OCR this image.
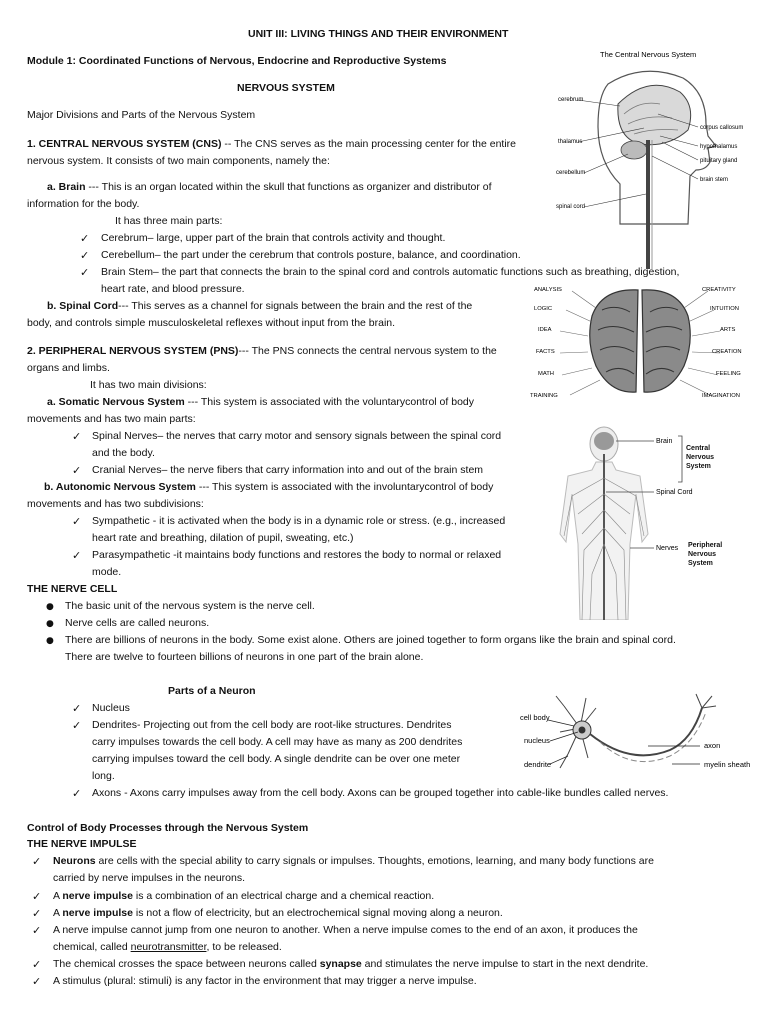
UNIT III: LIVING THINGS AND THEIR ENVIRONMENT
Module 1: Coordinated Functions of Nervous, Endocrine and Reproductive Systems
NERVOUS SYSTEM
Major Divisions and Parts of the Nervous System
1. CENTRAL NERVOUS SYSTEM (CNS) -- The CNS serves as the main processing center for the entire
nervous system. It consists of two main components, namely the:
a. Brain --- This is an organ located within the skull that functions as organizer and distributor of
information for the body.
It has three main parts:
✓ Cerebrum– large, upper part of the brain that controls activity and thought.
✓ Cerebellum– the part under the cerebrum that controls posture, balance, and coordination.
✓ Brain Stem– the part that connects the brain to the spinal cord and controls automatic functions such as breathing, digestion,
heart rate, and blood pressure.
b. Spinal Cord--- This serves as a channel for signals between the brain and the rest of the
body, and controls simple musculoskeletal reflexes without input from the brain.
2. PERIPHERAL NERVOUS SYSTEM (PNS)--- The PNS connects the central nervous system to the
organs and limbs.
It has two main divisions:
a. Somatic Nervous System --- This system is associated with the voluntarycontrol of body
movements and has two main parts:
✓ Spinal Nerves– the nerves that carry motor and sensory signals between the spinal cord
and the body.
✓ Cranial Nerves– the nerve fibers that carry information into and out of the brain stem
b. Autonomic Nervous System --- This system is associated with the involuntarycontrol of body
movements and has two subdivisions:
✓ Sympathetic - it is activated when the body is in a dynamic role or stress. (e.g., increased
heart rate and breathing, dilation of pupil, sweating, etc.)
✓ Parasympathetic -it maintains body functions and restores the body to normal or relaxed
mode.
THE NERVE CELL
● The basic unit of the nervous system is the nerve cell.
● Nerve cells are called neurons.
● There are billions of neurons in the body. Some exist alone. Others are joined together to form organs like the brain and spinal cord.
There are twelve to fourteen billions of neurons in one part of the brain alone.
Parts of a Neuron
✓ Nucleus
✓ Dendrites- Projecting out from the cell body are root-like structures. Dendrites
carry impulses towards the cell body. A cell may have as many as 200 dendrites
carrying impulses toward the cell body. A single dendrite can be over one meter
long.
✓ Axons - Axons carry impulses away from the cell body. Axons can be grouped together into cable-like bundles called nerves.
Control of Body Processes through the Nervous System
THE NERVE IMPULSE
✓ Neurons are cells with the special ability to carry signals or impulses. Thoughts, emotions, learning, and many body functions are
carried by nerve impulses in the neurons.
✓ A nerve impulse is a combination of an electrical charge and a chemical reaction.
✓ A nerve impulse is not a flow of electricity, but an electrochemical signal moving along a neuron.
✓ A nerve impulse cannot jump from one neuron to another. When a nerve impulse comes to the end of an axon, it produces the
chemical, called neurotransmitter, to be released.
✓ The chemical crosses the space between neurons called synapse and stimulates the nerve impulse to start in the next dendrite.
✓ A stimulus (plural: stimuli) is any factor in the environment that may trigger a nerve impulse.
The Central Nervous System
cerebrum
thalamus
cerebellum
spinal cord
corpus callosum
hypothalamus
pituitary gland
brain stem
ANALYSIS
LOGIC
IDEA
FACTS
MATH
TRAINING
CREATIVITY
INTUITION
ARTS
CREATION
FEELING
IMAGINATION
Brain
Spinal Cord
Nerves
Central Nervous System
Peripheral Nervous System
cell body
nucleus
dendrite
axon
myelin sheath
